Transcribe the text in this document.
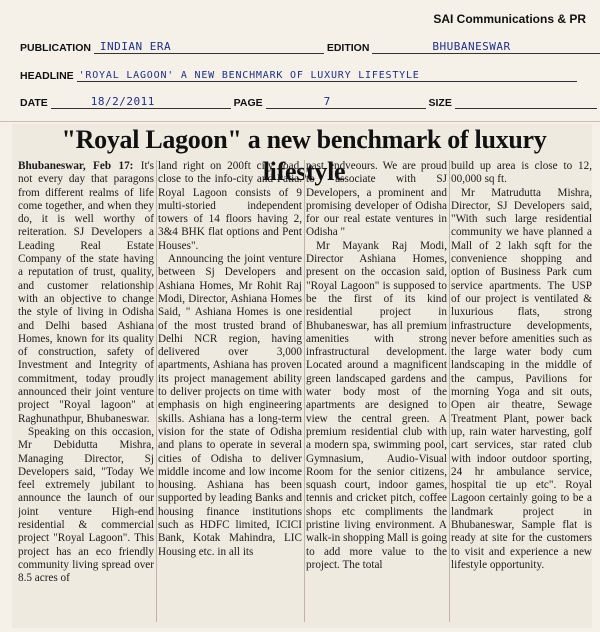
SAI Communications & PR
PUBLICATION INDIAN ERA	EDITION	BHUBANESWAR
HEADLINE 'ROYAL LAGOON' A NEW BENCHMARK OF LUXURY LIFESTYLE
DATE	18/2/2011	PAGE	7	SIZE
"Royal Lagoon" a new benchmark of luxury lifestyle

Bhubaneswar, Feb 17: It's not every day that paragons from different realms of life come together, and when they do, it is well worthy of reiteration. SJ Developers a Leading Real Estate Company of the state having a reputation of trust, quality, and customer relationship with an objective to change the style of living in Odisha and Delhi based Ashiana Homes, known for its quality of construction, safety of Investment and Integrity of commitment, today proudly announced their joint venture project "Royal lagoon" at Raghunathpur, Bhubaneswar.

Speaking on this occasion, Mr Debidutta Mishra, Managing Director, Sj Developers said, "Today We feel extremely jubilant to announce the launch of our joint venture High-end residential & commercial project "Royal Lagoon". This project has an eco friendly community living spread over 8.5 acres of

land right on 200ft city road, close to the info-city and Patia. Royal Lagoon consists of 9 multi-storied independent towers of 14 floors having 2, 3&4 BHK flat options and Pent Houses".

Announcing the joint venture between Sj Developers and Ashiana Homes, Mr Rohit Raj Modi, Director, Ashiana Homes Said, " Ashiana Homes is one of the most trusted brand of Delhi NCR region, having delivered over 3,000 apartments, Ashiana has proven its project management ability to deliver projects on time with emphasis on high engineering skills. Ashiana has a long-term vision for the state of Odisha and plans to operate in several cities of Odisha to deliver middle income and low income housing. Ashiana has been supported by leading Banks and housing finance institutions such as HDFC limited, ICICI Bank, Kotak Mahindra, LIC Housing etc. in all its

past endveours. We are proud to associate with SJ Developers, a prominent and promising developer of Odisha for our real estate ventures in Odisha "

Mr Mayank Raj Modi, Director Ashiana Homes, present on the occasion said, "Royal Lagoon" is supposed to be the first of its kind residential project in Bhubaneswar, has all premium amenities with strong infrastructural development. Located around a magnificent green landscaped gardens and water body most of the apartments are designed to view the central green. A premium residential club with a modern spa, swimming pool, Gymnasium, Audio-Visual Room for the senior citizens, squash court, indoor games, tennis and cricket pitch, coffee shops etc compliments the pristine living environment. A walk-in shopping Mall is going to add more value to the project. The total

build up area is close to 12, 00,000 sq ft.

Mr Matrudutta Mishra, Director, SJ Developers said, "With such large residential community we have planned a Mall of 2 lakh sqft for the convenience shopping and option of Business Park cum service apartments. The USP of our project is ventilated & luxurious flats, strong infrastructure developments, never before amenities such as the large water body cum landscaping in the middle of the campus, Pavilions for morning Yoga and sit outs, Open air theatre, Sewage Treatment Plant, power back up, rain water harvesting, golf cart services, star rated club with indoor outdoor sporting, 24 hr ambulance service, hospital tie up etc". Royal Lagoon certainly going to be a landmark project in Bhubaneswar, Sample flat is ready at site for the customers to visit and experience a new lifestyle opportunity.
